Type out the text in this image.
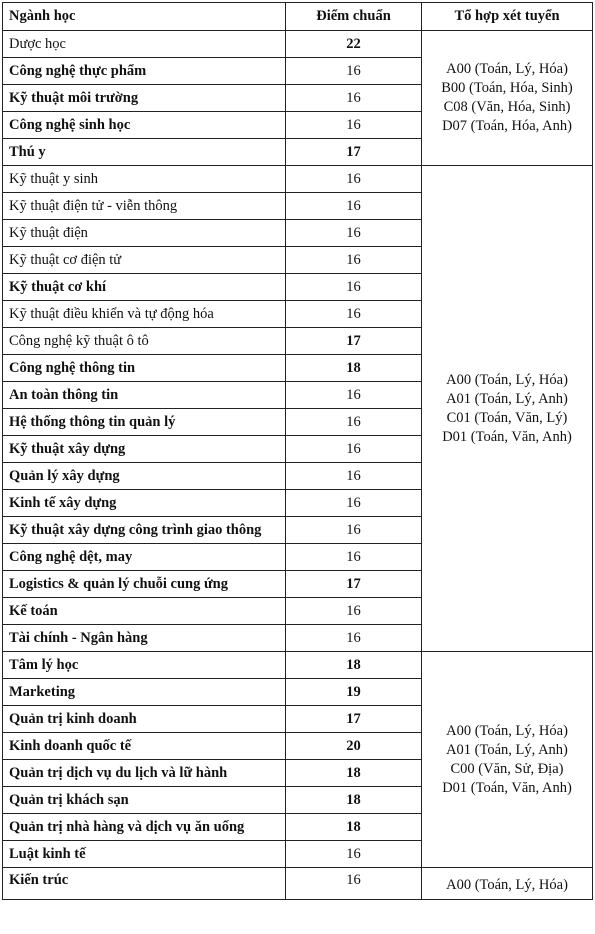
Ngành học	Điểm chuẩn	Tổ hợp xét tuyển
Dược học	22	A00 (Toán, Lý, Hóa)
B00 (Toán, Hóa, Sinh)
C08 (Văn, Hóa, Sinh)
D07 (Toán, Hóa, Anh)

Công nghệ thực phẩm	16	
Kỹ thuật môi trường	16	
Công nghệ sinh học	16	
Thú y	17	
Kỹ thuật y sinh	16	A00 (Toán, Lý, Hóa)
A01 (Toán, Lý, Anh)
C01 (Toán, Văn, Lý)
D01 (Toán, Văn, Anh)

Kỹ thuật điện tử - viễn thông	16	
Kỹ thuật điện	16	
Kỹ thuật cơ điện tử	16	
Kỹ thuật cơ khí	16	
Kỹ thuật điều khiển và tự động hóa	16	
Công nghệ kỹ thuật ô tô	17	
Công nghệ thông tin	18	
An toàn thông tin	16	
Hệ thống thông tin quản lý	16	
Kỹ thuật xây dựng	16	
Quản lý xây dựng	16	
Kinh tế xây dựng	16	
Kỹ thuật xây dựng công trình giao thông	16	
Công nghệ dệt, may	16	
Logistics & quản lý chuỗi cung ứng	17	
Kế toán	16	
Tài chính - Ngân hàng	16	
Tâm lý học	18	A00 (Toán, Lý, Hóa)
A01 (Toán, Lý, Anh)
C00 (Văn, Sử, Địa)
D01 (Toán, Văn, Anh)

Marketing	19	
Quản trị kinh doanh	17	
Kinh doanh quốc tế	20	
Quản trị dịch vụ du lịch và lữ hành	18	
Quản trị khách sạn	18	
Quản trị nhà hàng và dịch vụ ăn uống	18	
Luật kinh tế	16	
Kiến trúc	16	A00 (Toán, Lý, Hóa)
